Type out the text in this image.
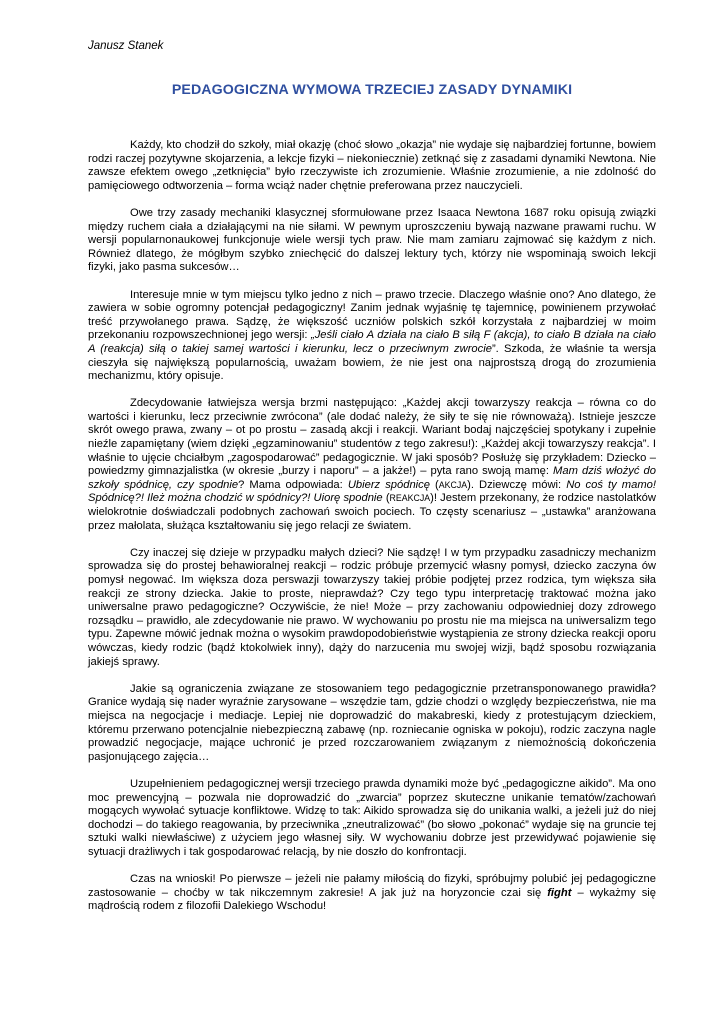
Janusz Stanek
PEDAGOGICZNA WYMOWA TRZECIEJ ZASADY DYNAMIKI

Każdy, kto chodził do szkoły, miał okazję (choć słowo „okazja” nie wydaje się najbardziej fortunne, bowiem rodzi raczej pozytywne skojarzenia, a lekcje fizyki – niekoniecznie) zetknąć się z zasadami dynamiki Newtona. Nie zawsze efektem owego „zetknięcia” było rzeczywiste ich zrozumienie. Właśnie zrozumienie, a nie zdolność do pamięciowego odtworzenia – forma wciąż nader chętnie preferowana przez nauczycieli.

Owe trzy zasady mechaniki klasycznej sformułowane przez Isaaca Newtona 1687 roku opisują związki między ruchem ciała a działającymi na nie siłami. W pewnym uproszczeniu bywają nazwane prawami ruchu. W wersji popularnonaukowej funkcjonuje wiele wersji tych praw. Nie mam zamiaru zajmować się każdym z nich. Również dlatego, że mógłbym szybko zniechęcić do dalszej lektury tych, którzy nie wspominają swoich lekcji fizyki, jako pasma sukcesów…

Interesuje mnie w tym miejscu tylko jedno z nich – prawo trzecie. Dlaczego właśnie ono? Ano dlatego, że zawiera w sobie ogromny potencjał pedagogiczny! Zanim jednak wyjaśnię tę tajemnicę, powinienem przywołać treść przywołanego prawa. Sądzę, że większość uczniów polskich szkół korzystała z najbardziej w moim przekonaniu rozpowszechnionej jego wersji: „Jeśli ciało A działa na ciało B siłą F (akcja), to ciało B działa na ciało A (reakcja) siłą o takiej samej wartości i kierunku, lecz o przeciwnym zwrocie”. Szkoda, że właśnie ta wersja cieszyła się największą popularnością, uważam bowiem, że nie jest ona najprostszą drogą do zrozumienia mechanizmu, który opisuje.

Zdecydowanie łatwiejsza wersja brzmi następująco: „Każdej akcji towarzyszy reakcja – równa co do wartości i kierunku, lecz przeciwnie zwrócona” (ale dodać należy, że siły te się nie równoważą). Istnieje jeszcze skrót owego prawa, zwany – ot po prostu – zasadą akcji i reakcji. Wariant bodaj najczęściej spotykany i zupełnie nieźle zapamiętany (wiem dzięki „egzaminowaniu” studentów z tego zakresu!): „Każdej akcji towarzyszy reakcja”. I właśnie to ujęcie chciałbym „zagospodarować” pedagogicznie. W jaki sposób? Posłużę się przykładem: Dziecko – powiedzmy gimnazjalistka (w okresie „burzy i naporu” – a jakże!) – pyta rano swoją mamę: Mam dziś włożyć do szkoły spódnicę, czy spodnie? Mama odpowiada: Ubierz spódnicę (AKCJA). Dziewczę mówi: No coś ty mamo! Spódnicę?! Ileż można chodzić w spódnicy?! Uiorę spodnie (REAKCJA)! Jestem przekonany, że rodzice nastolatków wielokrotnie doświadczali podobnych zachowań swoich pociech. To częsty scenariusz – „ustawka” aranżowana przez małolata, służąca kształtowaniu się jego relacji ze światem.

Czy inaczej się dzieje w przypadku małych dzieci? Nie sądzę! I w tym przypadku zasadniczy mechanizm sprowadza się do prostej behawioralnej reakcji – rodzic próbuje przemycić własny pomysł, dziecko zaczyna ów pomysł negować. Im większa doza perswazji towarzyszy takiej próbie podjętej przez rodzica, tym większa siła reakcji ze strony dziecka. Jakie to proste, nieprawdaż? Czy tego typu interpretację traktować można jako uniwersalne prawo pedagogiczne? Oczywiście, że nie! Może – przy zachowaniu odpowiedniej dozy zdrowego rozsądku – prawidło, ale zdecydowanie nie prawo. W wychowaniu po prostu nie ma miejsca na uniwersalizm tego typu. Zapewne mówić jednak można o wysokim prawdopodobieństwie wystąpienia ze strony dziecka reakcji oporu wówczas, kiedy rodzic (bądź ktokolwiek inny), dąży do narzucenia mu swojej wizji, bądź sposobu rozwiązania jakiejś sprawy.

Jakie są ograniczenia związane ze stosowaniem tego pedagogicznie przetransponowanego prawidła? Granice wydają się nader wyraźnie zarysowane – wszędzie tam, gdzie chodzi o względy bezpieczeństwa, nie ma miejsca na negocjacje i mediacje. Lepiej nie doprowadzić do makabreski, kiedy z protestującym dzieckiem, któremu przerwano potencjalnie niebezpieczną zabawę (np. rozniecanie ogniska w pokoju), rodzic zaczyna nagle prowadzić negocjacje, mające uchronić je przed rozczarowaniem związanym z niemożnością dokończenia pasjonującego zajęcia…

Uzupełnieniem pedagogicznej wersji trzeciego prawda dynamiki może być „pedagogiczne aikido”. Ma ono moc prewencyjną – pozwala nie doprowadzić do „zwarcia” poprzez skuteczne unikanie tematów/zachowań mogących wywołać sytuacje konfliktowe. Widzę to tak: Aikido sprowadza się do unikania walki, a jeżeli już do niej dochodzi – do takiego reagowania, by przeciwnika „zneutralizować” (bo słowo „pokonać” wydaje się na gruncie tej sztuki walki niewłaściwe) z użyciem jego własnej siły. W wychowaniu dobrze jest przewidywać pojawienie się sytuacji drażliwych i tak gospodarować relacją, by nie doszło do konfrontacji.

Czas na wnioski! Po pierwsze – jeżeli nie pałamy miłością do fizyki, spróbujmy polubić jej pedagogiczne zastosowanie – choćby w tak nikczemnym zakresie! A jak już na horyzoncie czai się fight – wykażmy się mądrością rodem z filozofii Dalekiego Wschodu!
